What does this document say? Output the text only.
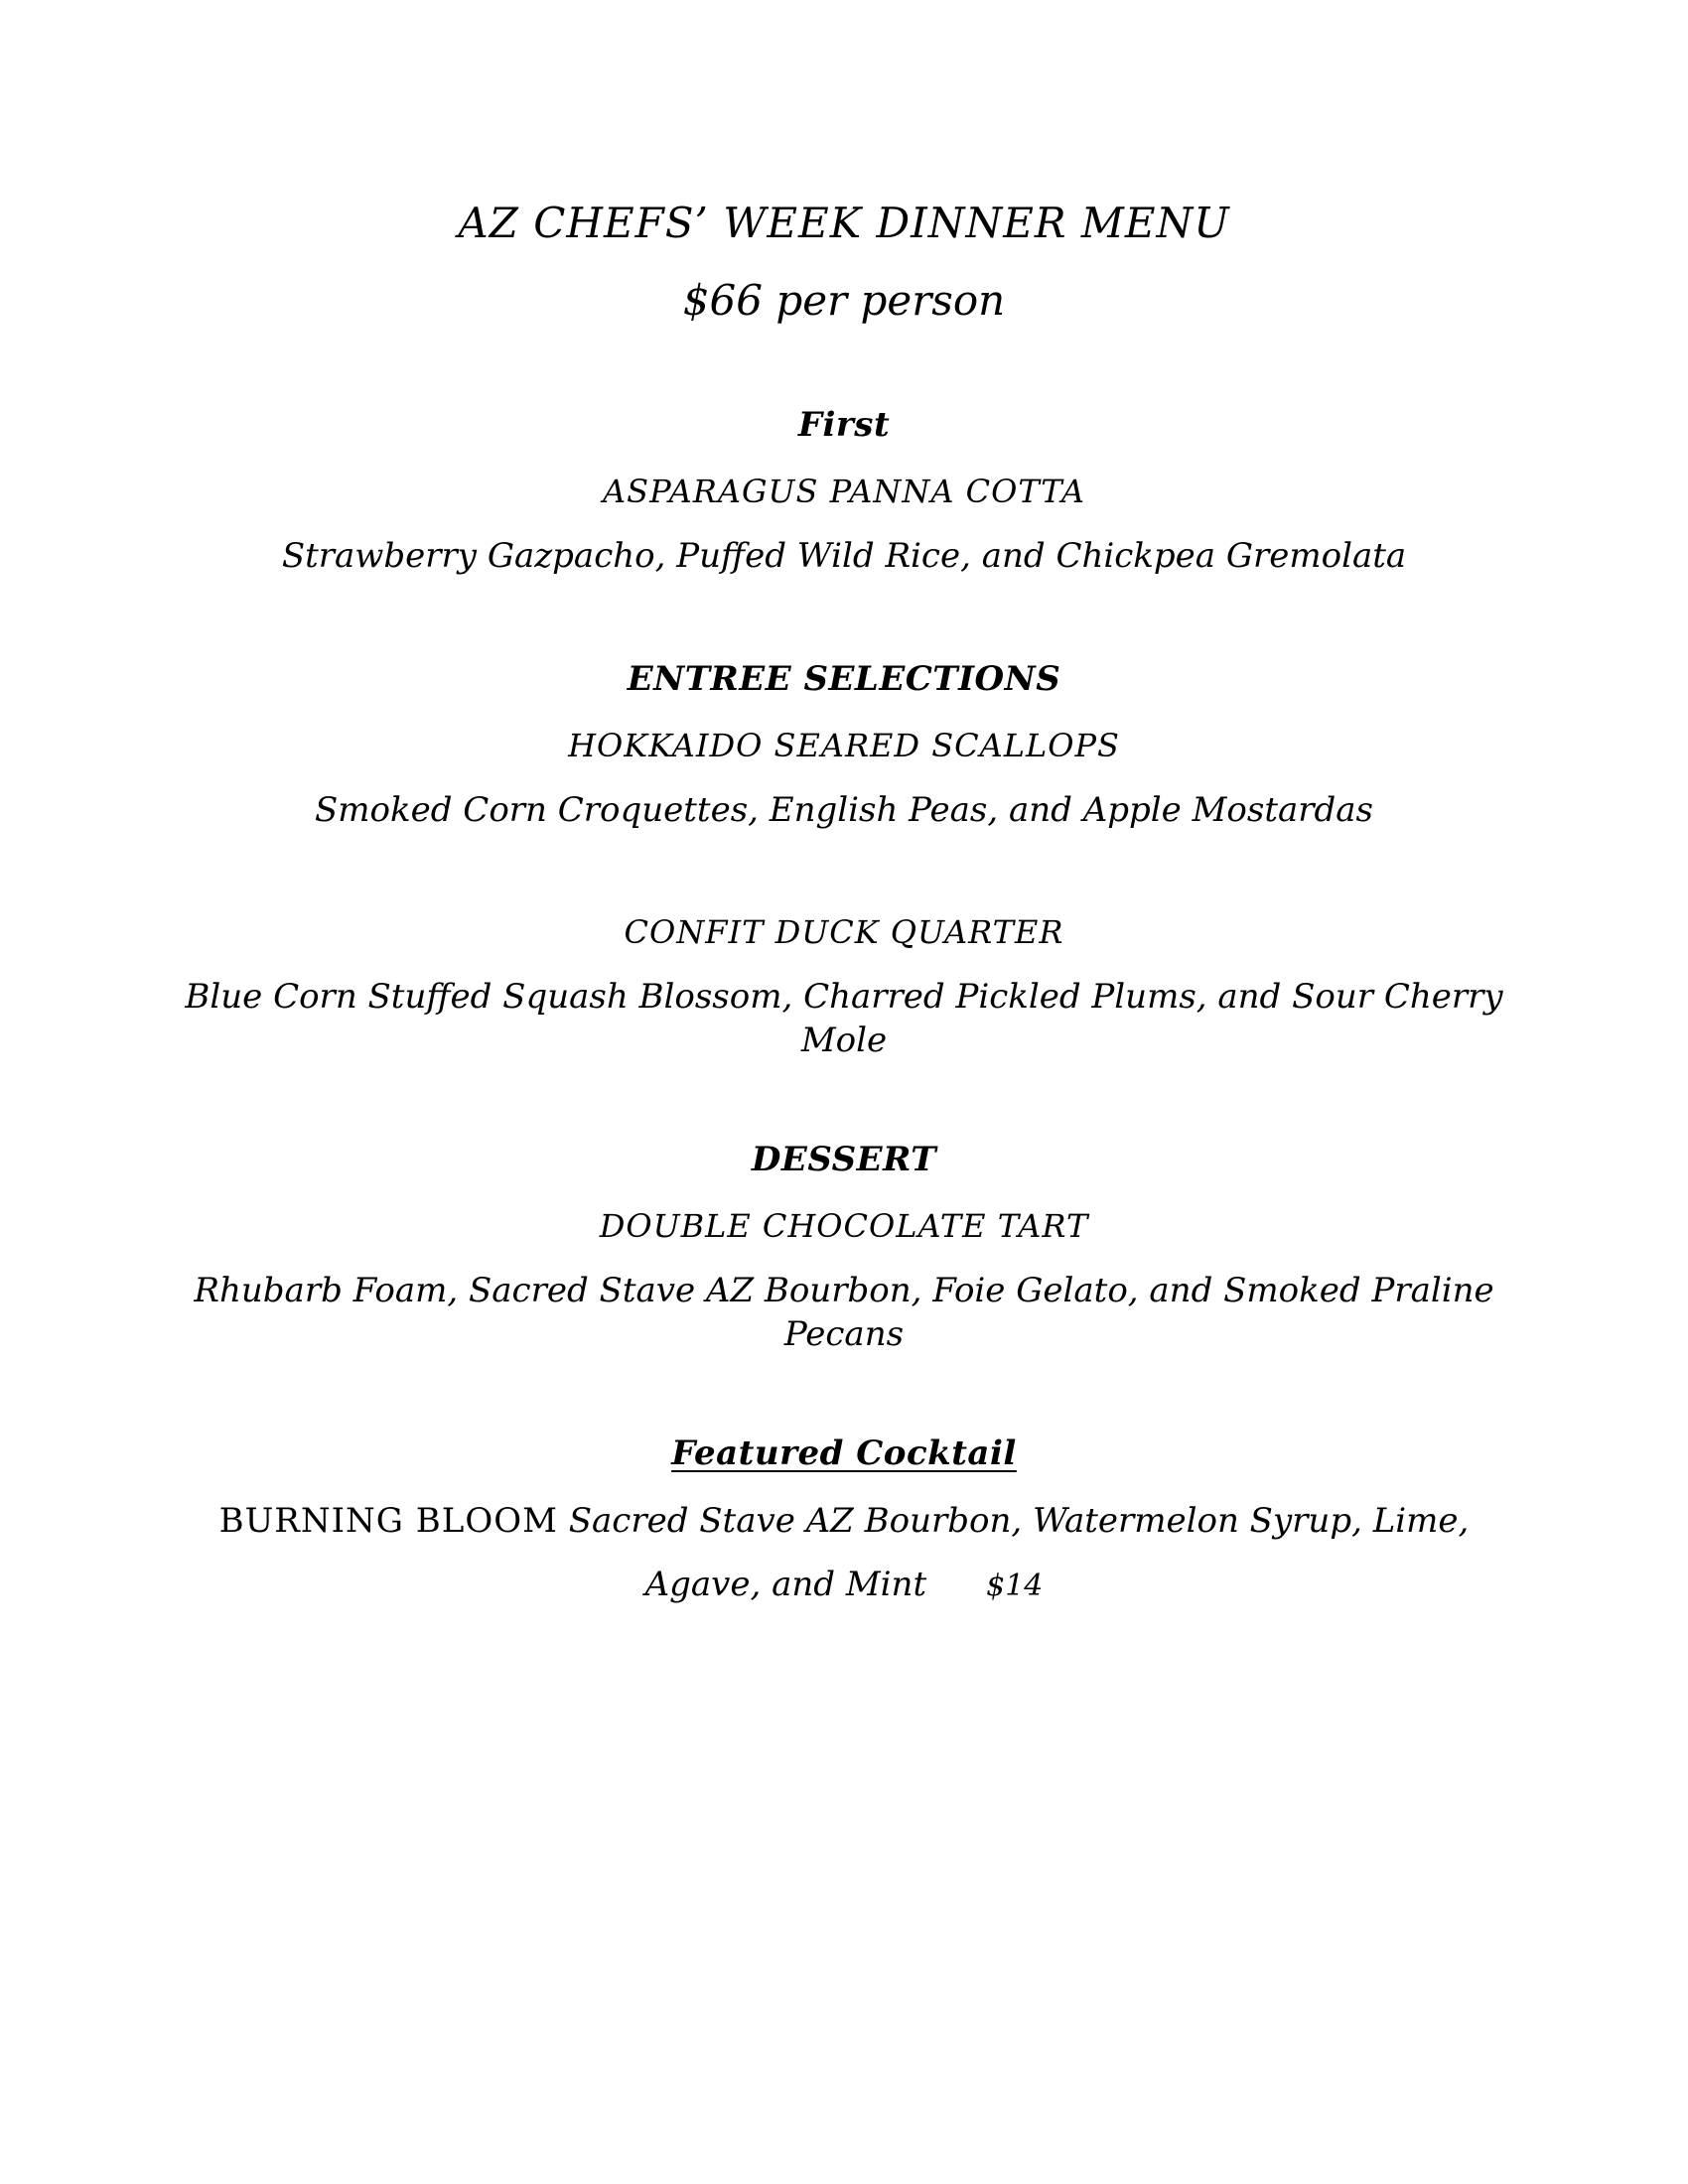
AZ CHEFS’ WEEK DINNER MENU
$66 per person
First
ASPARAGUS PANNA COTTA
Strawberry Gazpacho, Puffed Wild Rice, and Chickpea Gremolata
ENTREE SELECTIONS
HOKKAIDO SEARED SCALLOPS
Smoked Corn Croquettes, English Peas, and Apple Mostardas
CONFIT DUCK QUARTER
Blue Corn Stuffed Squash Blossom, Charred Pickled Plums, and Sour Cherry
Mole
DESSERT
DOUBLE CHOCOLATE TART
Rhubarb Foam, Sacred Stave AZ Bourbon, Foie Gelato, and Smoked Praline
Pecans
Featured Cocktail
BURNING BLOOM Sacred Stave AZ Bourbon, Watermelon Syrup, Lime,
Agave, and Mint $14
